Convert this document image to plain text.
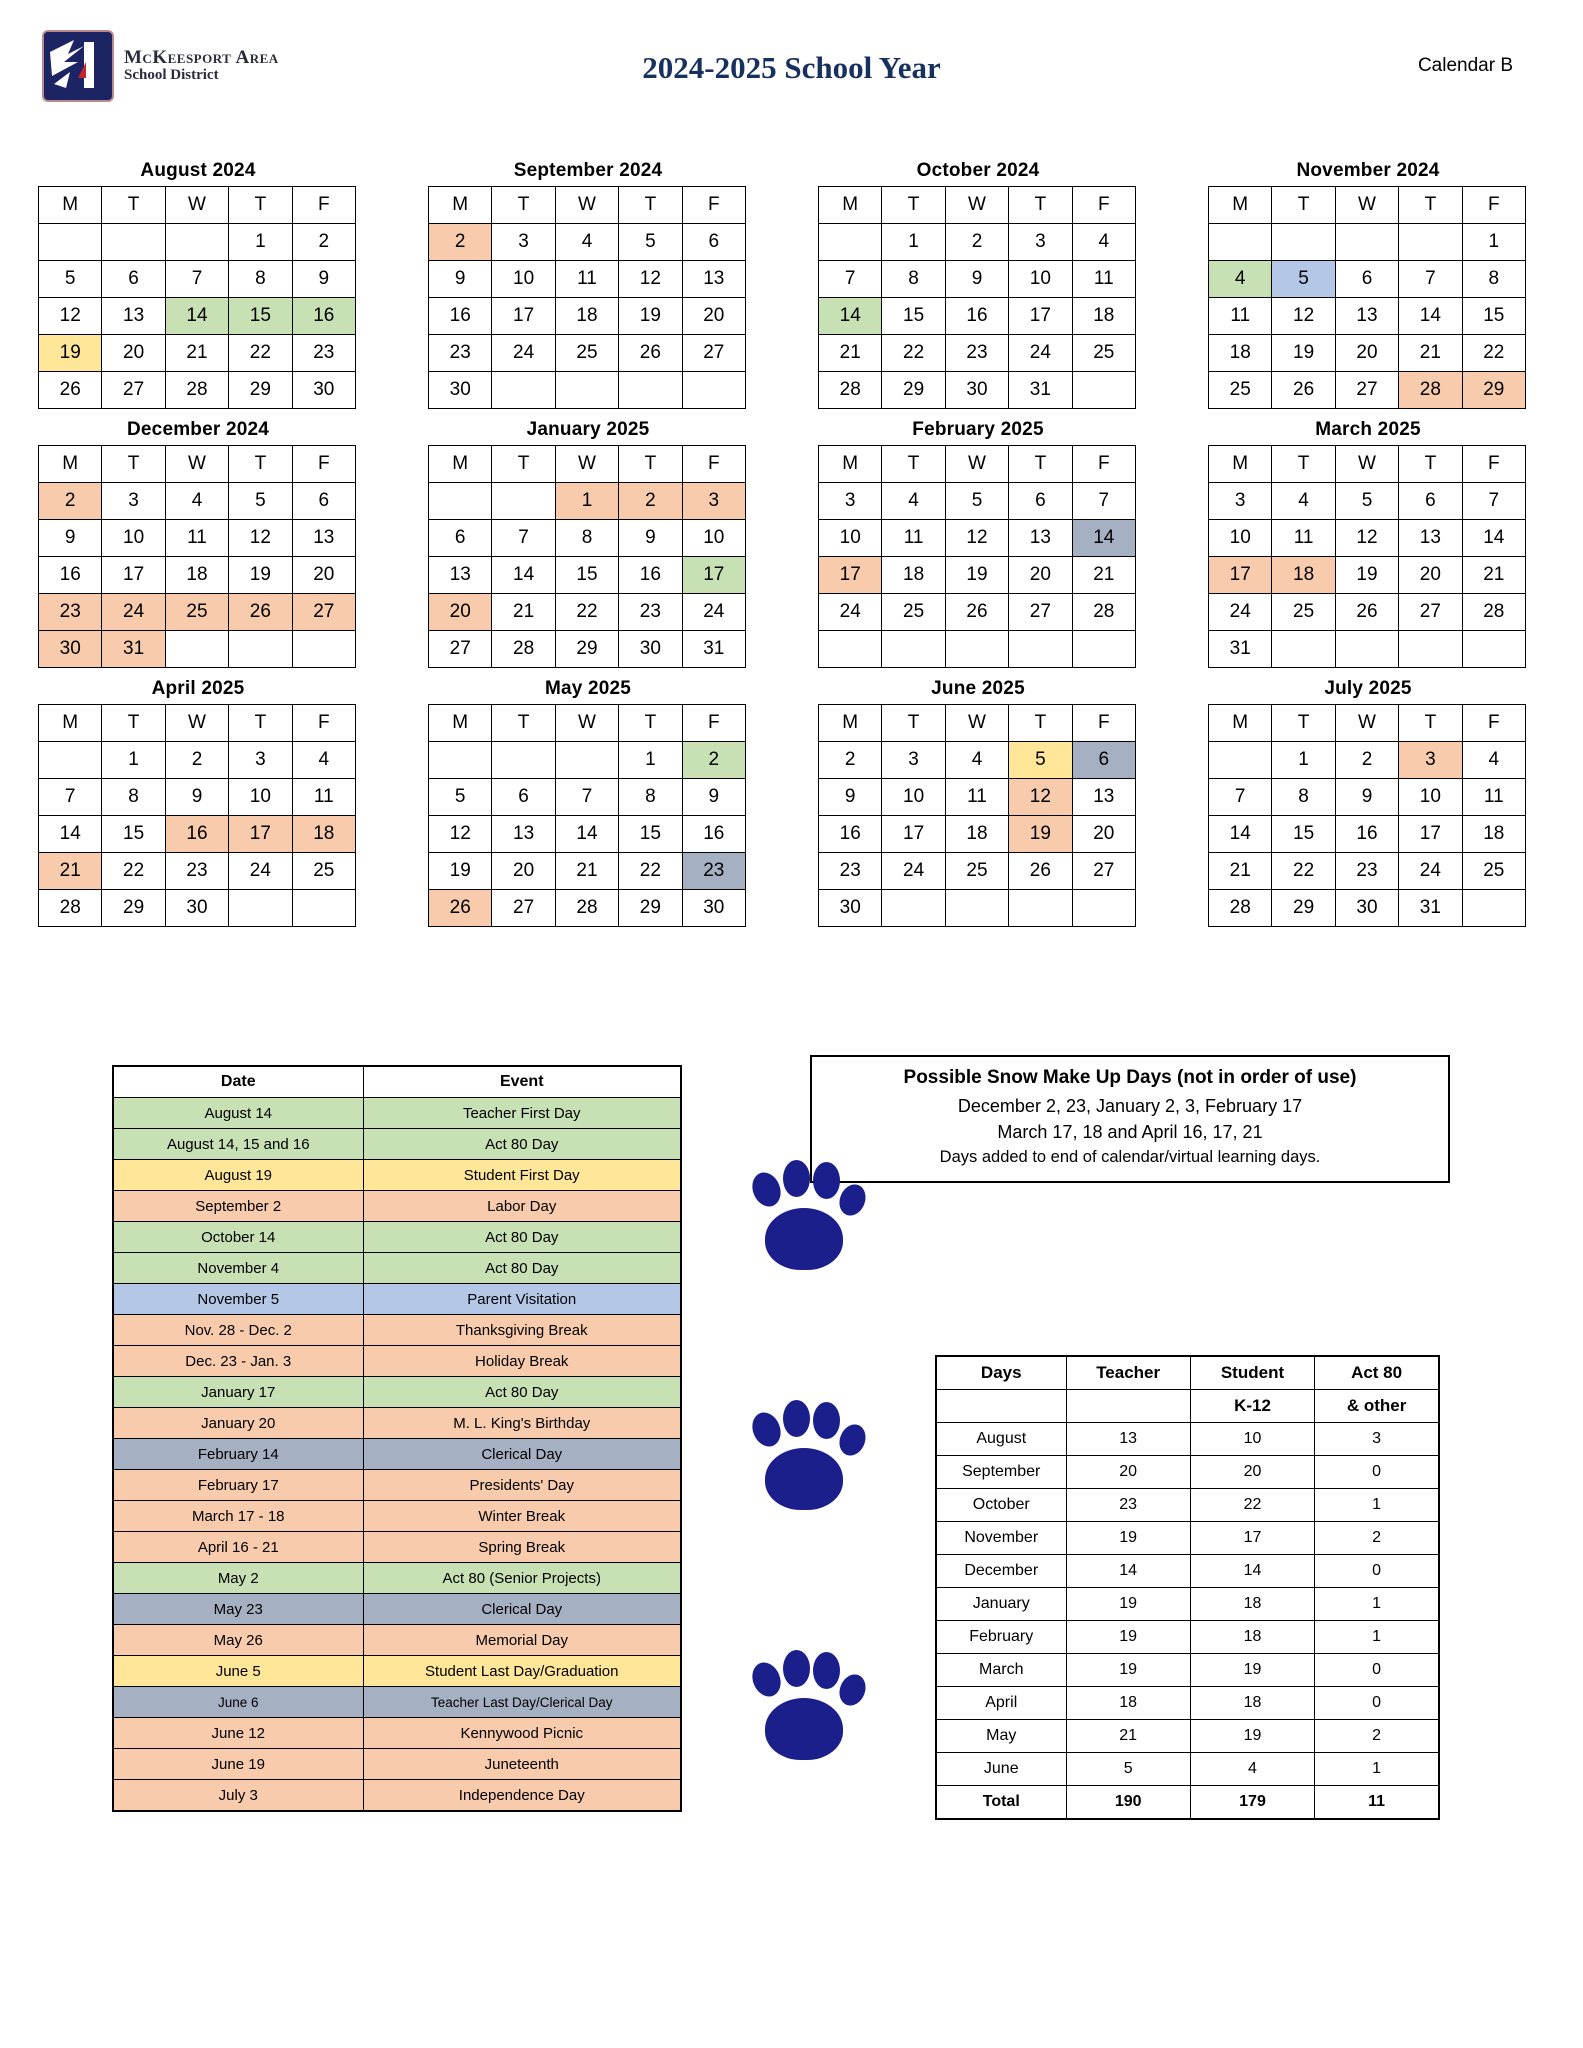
McKeesport Area
School District	2024-2025 School Year	Calendar B
August 2024
M	T	W	T	F
			1	2
5	6	7	8	9
12	13	14	15	16
19	20	21	22	23
26	27	28	29	30
September 2024
M	T	W	T	F
2	3	4	5	6
9	10	11	12	13
16	17	18	19	20
23	24	25	26	27
30				
October 2024
M	T	W	T	F
	1	2	3	4
7	8	9	10	11
14	15	16	17	18
21	22	23	24	25
28	29	30	31	
November 2024
M	T	W	T	F
				1
4	5	6	7	8
11	12	13	14	15
18	19	20	21	22
25	26	27	28	29
December 2024
M	T	W	T	F
2	3	4	5	6
9	10	11	12	13
16	17	18	19	20
23	24	25	26	27
30	31			
January 2025
M	T	W	T	F
		1	2	3
6	7	8	9	10
13	14	15	16	17
20	21	22	23	24
27	28	29	30	31
February 2025
M	T	W	T	F
3	4	5	6	7
10	11	12	13	14
17	18	19	20	21
24	25	26	27	28

March 2025
M	T	W	T	F
3	4	5	6	7
10	11	12	13	14
17	18	19	20	21
24	25	26	27	28
31				
April 2025
M	T	W	T	F
	1	2	3	4
7	8	9	10	11
14	15	16	17	18
21	22	23	24	25
28	29	30		
May 2025
M	T	W	T	F
			1	2
5	6	7	8	9
12	13	14	15	16
19	20	21	22	23
26	27	28	29	30
June 2025
M	T	W	T	F
2	3	4	5	6
9	10	11	12	13
16	17	18	19	20
23	24	25	26	27
30				
July 2025
M	T	W	T	F
	1	2	3	4
7	8	9	10	11
14	15	16	17	18
21	22	23	24	25
28	29	30	31	
Date	Event
August 14	Teacher First Day
August 14, 15 and 16	Act 80 Day
August 19	Student First Day
September 2	Labor Day
October 14	Act 80 Day
November 4	Act 80 Day
November 5	Parent Visitation
Nov. 28 - Dec. 2	Thanksgiving Break
Dec. 23 - Jan. 3	Holiday Break
January 17	Act 80 Day
January 20	M. L. King's Birthday
February 14	Clerical Day
February 17	Presidents' Day
March 17 - 18	Winter Break
April 16 - 21	Spring Break
May 2	Act 80 (Senior Projects)
May 23	Clerical Day
May 26	Memorial Day
June 5	Student Last Day/Graduation
June 6	Teacher Last Day/Clerical Day
June 12	Kennywood Picnic
June 19	Juneteenth
July 3	Independence Day
Possible Snow Make Up Days (not in order of use)
December 2, 23, January 2, 3, February 17
March 17, 18 and April 16, 17, 21
Days added to end of calendar/virtual learning days.
Days	Teacher	Student	Act 80
		K-12	& other
August	13	10	3
September	20	20	0
October	23	22	1
November	19	17	2
December	14	14	0
January	19	18	1
February	19	18	1
March	19	19	0
April	18	18	0
May	21	19	2
June	5	4	1
Total	190	179	11
